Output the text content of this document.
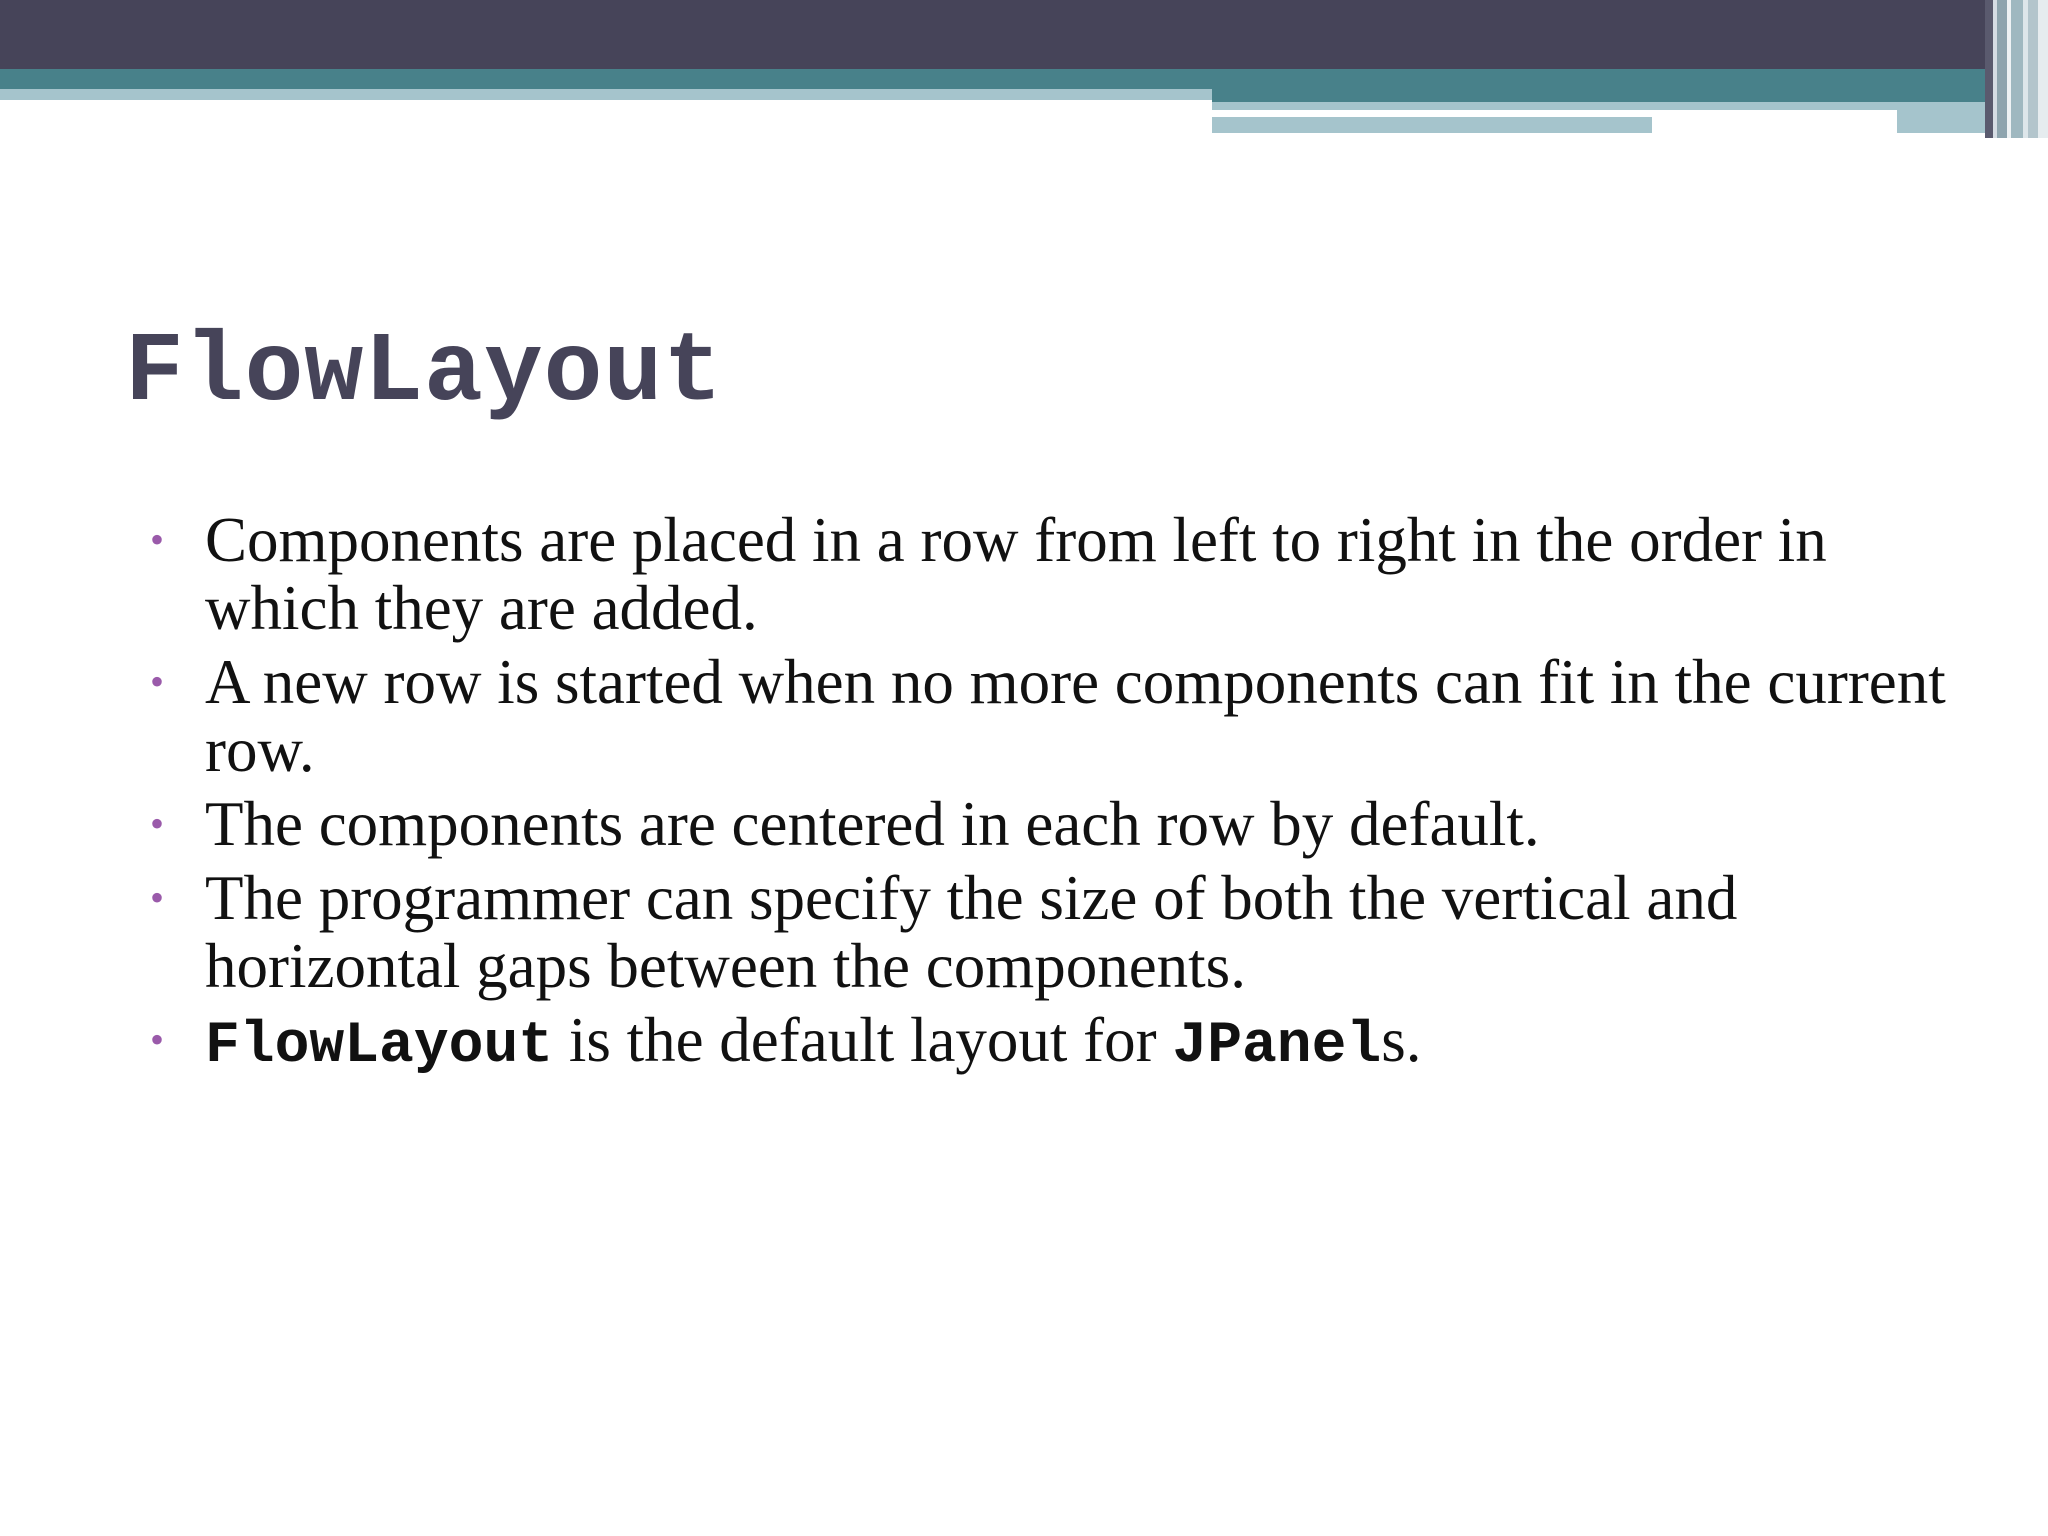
FlowLayout
• Components are placed in a row from left to right in the order in which they are added.
• A new row is started when no more components can fit in the current row.
• The components are centered in each row by default.
• The programmer can specify the size of both the vertical and horizontal gaps between the components.
• FlowLayout is the default layout for JPanels.
